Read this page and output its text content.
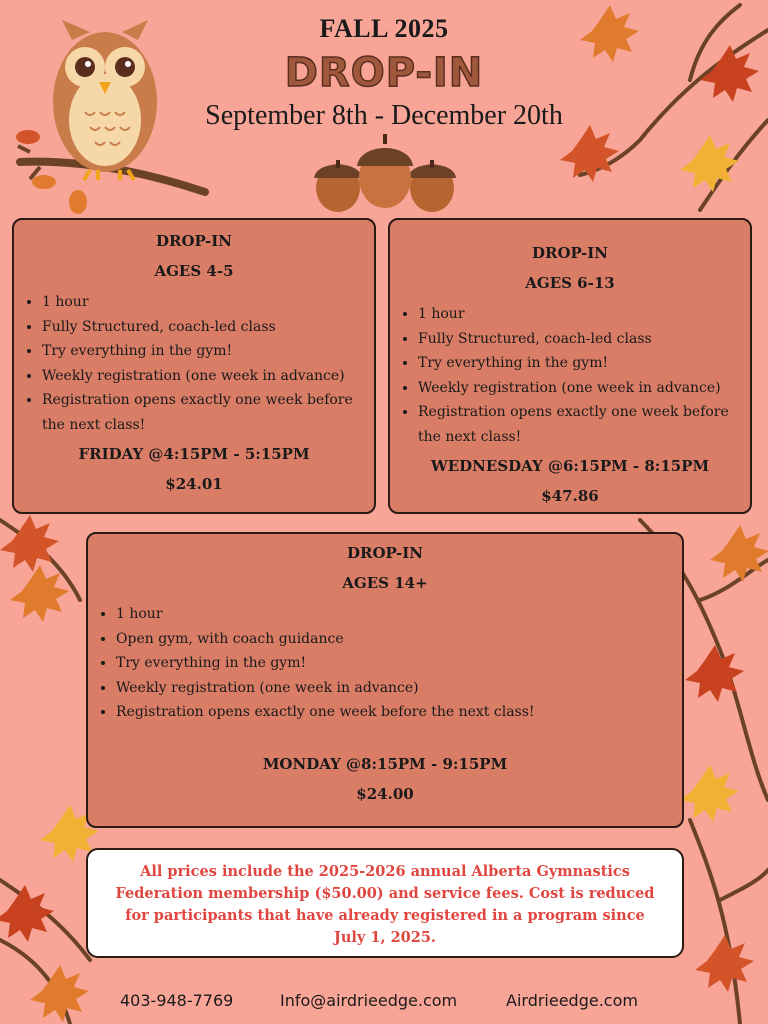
FALL 2025
DROP-IN
September 8th - December 20th
DROP-IN
AGES 4-5
• 1 hour
• Fully Structured, coach-led class
• Try everything in the gym!
• Weekly registration (one week in advance)
• Registration opens exactly one week before the next class!
FRIDAY @4:15PM - 5:15PM
$24.01
DROP-IN
AGES 6-13
• 1 hour
• Fully Structured, coach-led class
• Try everything in the gym!
• Weekly registration (one week in advance)
• Registration opens exactly one week before the next class!
WEDNESDAY @6:15PM - 8:15PM
$47.86
DROP-IN
AGES 14+
• 1 hour
• Open gym, with coach guidance
• Try everything in the gym!
• Weekly registration (one week in advance)
• Registration opens exactly one week before the next class!
MONDAY @8:15PM - 9:15PM
$24.00
All prices include the 2025-2026 annual Alberta Gymnastics Federation membership ($50.00) and service fees. Cost is reduced for participants that have already registered in a program since July 1, 2025.
403-948-7769	Info@airdrieedge.com	Airdrieedge.com
